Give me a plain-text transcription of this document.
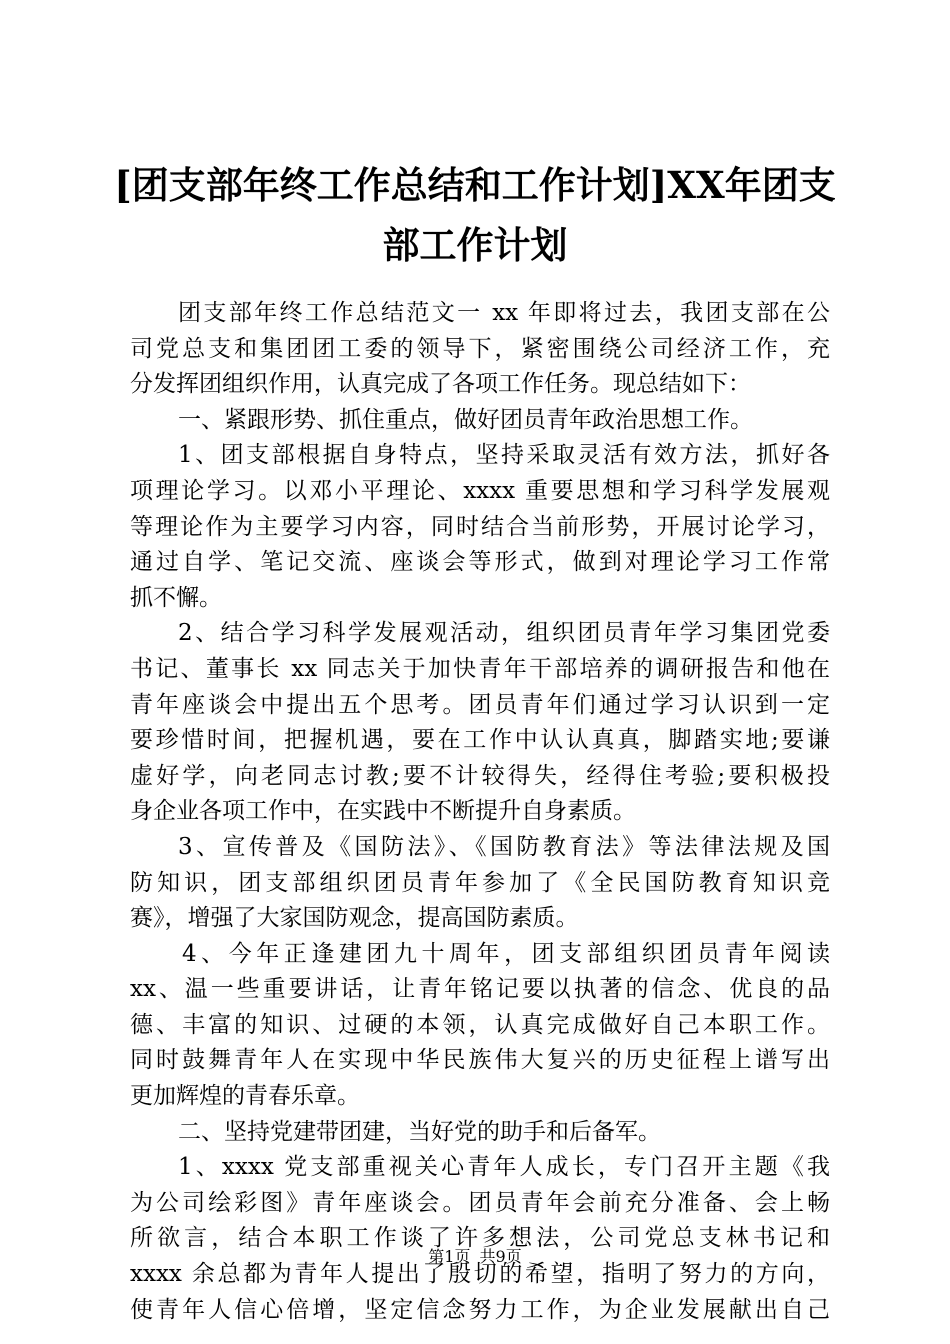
[团支部年终工作总结和工作计划]XX年团支
部工作计划
团支部年终工作总结范文一 xx 年即将过去，我团支部在公
司党总支和集团团工委的领导下，紧密围绕公司经济工作，充
分发挥团组织作用，认真完成了各项工作任务。现总结如下：
一、紧跟形势、抓住重点，做好团员青年政治思想工作。
1、团支部根据自身特点，坚持采取灵活有效方法，抓好各
项理论学习。以邓小平理论、xxxx 重要思想和学习科学发展观
等理论作为主要学习内容，同时结合当前形势，开展讨论学习，
通过自学、笔记交流、座谈会等形式，做到对理论学习工作常
抓不懈。
2、结合学习科学发展观活动，组织团员青年学习集团党委
书记、董事长 xx 同志关于加快青年干部培养的调研报告和他在
青年座谈会中提出五个思考。团员青年们通过学习认识到一定
要珍惜时间，把握机遇，要在工作中认认真真，脚踏实地;要谦
虚好学，向老同志讨教;要不计较得失，经得住考验;要积极投
身企业各项工作中，在实践中不断提升自身素质。
3、宣传普及《国防法》、《国防教育法》等法律法规及国
防知识，团支部组织团员青年参加了《全民国防教育知识竞
赛》，增强了大家国防观念，提高国防素质。
4、今年正逢建团九十周年，团支部组织团员青年阅读
xx、温一些重要讲话，让青年铭记要以执著的信念、优良的品
德、丰富的知识、过硬的本领，认真完成做好自己本职工作。
同时鼓舞青年人在实现中华民族伟大复兴的历史征程上谱写出
更加辉煌的青春乐章。
二、坚持党建带团建，当好党的助手和后备军。
1、xxxx 党支部重视关心青年人成长，专门召开主题《我
为公司绘彩图》青年座谈会。团员青年会前充分准备、会上畅
所欲言，结合本职工作谈了许多想法，公司党总支林书记和
xxxx 余总都为青年人提出了殷切的希望，指明了努力的方向，
使青年人信心倍增，坚定信念努力工作，为企业发展献出自己
第1页 共9页
